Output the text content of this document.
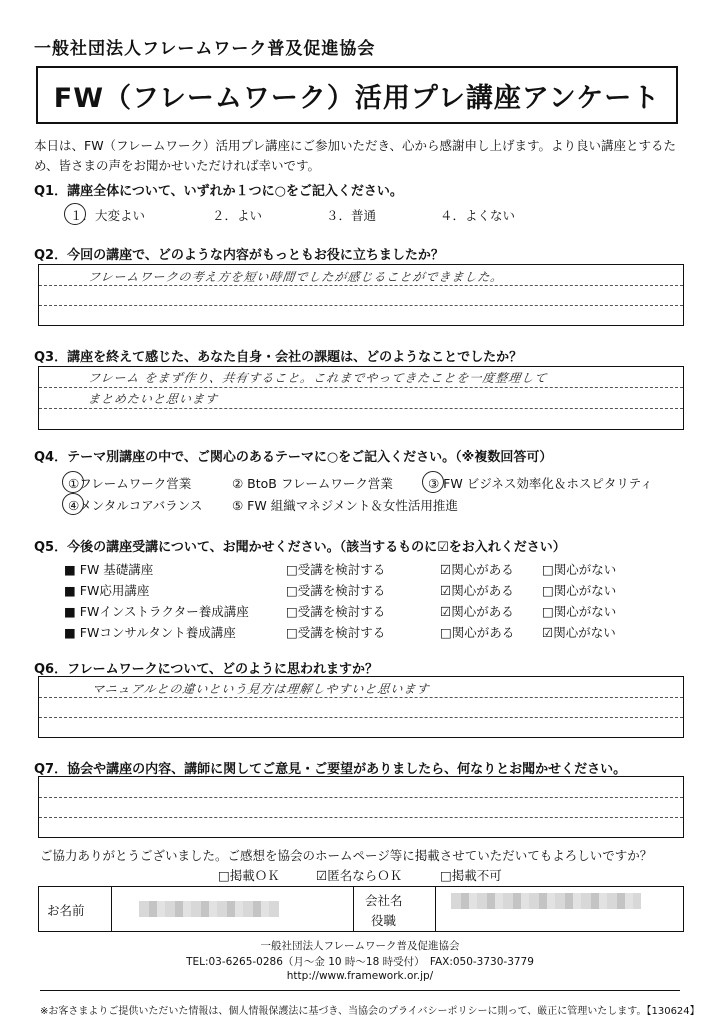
一般社団法人フレームワーク普及促進協会
FW（フレームワーク）活用プレ講座アンケート
本日は、FW（フレームワーク）活用プレ講座にご参加いただき、心から感謝申し上げます。より良い講座とするた
め、皆さまの声をお聞かせいただければ幸いです。
Q1．講座全体について、いずれか１つに○をご記入ください。
１．大変よい	２．よい	３．普通	４．よくない
Q2．今回の講座で、どのような内容がもっともお役に立ちましたか？
フレームワークの考え方を短い時間でしたが感じることができました。
Q3．講座を終えて感じた、あなた自身・会社の課題は、どのようなことでしたか？
フレーム をまず作り、共有すること。これまでやってきたことを一度整理して
まとめたいと思います
Q4．テーマ別講座の中で、ご関心のあるテーマに○をご記入ください。（※複数回答可）
①フレームワーク営業	② BtoB フレームワーク営業	③ FW ビジネス効率化＆ホスピタリティ
④メンタルコアバランス ⑤ FW 組織マネジメント＆女性活用推進
Q5．今後の講座受講について、お聞かせください。（該当するものに☑をお入れください）
■ FW 基礎講座	□受講を検討する	☑関心がある □関心がない
■ FW応用講座	□受講を検討する	☑関心がある □関心がない
■ FWインストラクター養成講座	□受講を検討する	☑関心がある □関心がない
■ FWコンサルタント養成講座	□受講を検討する	□関心がある ☑関心がない
Q6．フレームワークについて、どのように思われますか？
マニュアルとの違いという見方は理解しやすいと思います
Q7．協会や講座の内容、講師に関してご意見・ご要望がありましたら、何なりとお聞かせください。
ご協力ありがとうございました。ご感想を協会のホームページ等に掲載させていただいてもよろしいですか？
□掲載ＯＫ	☑匿名ならＯＫ	□掲載不可
お名前
会社名
役職
一般社団法人フレームワーク普及促進協会
TEL:03-6265-0286（月～金 10 時～18 時受付）　FAX:050-3730-3779
http://www.framework.or.jp/
※お客さまよりご提供いただいた情報は、個人情報保護法に基づき、当協会のプライバシーポリシーに則って、厳正に管理いたします。【130624】
